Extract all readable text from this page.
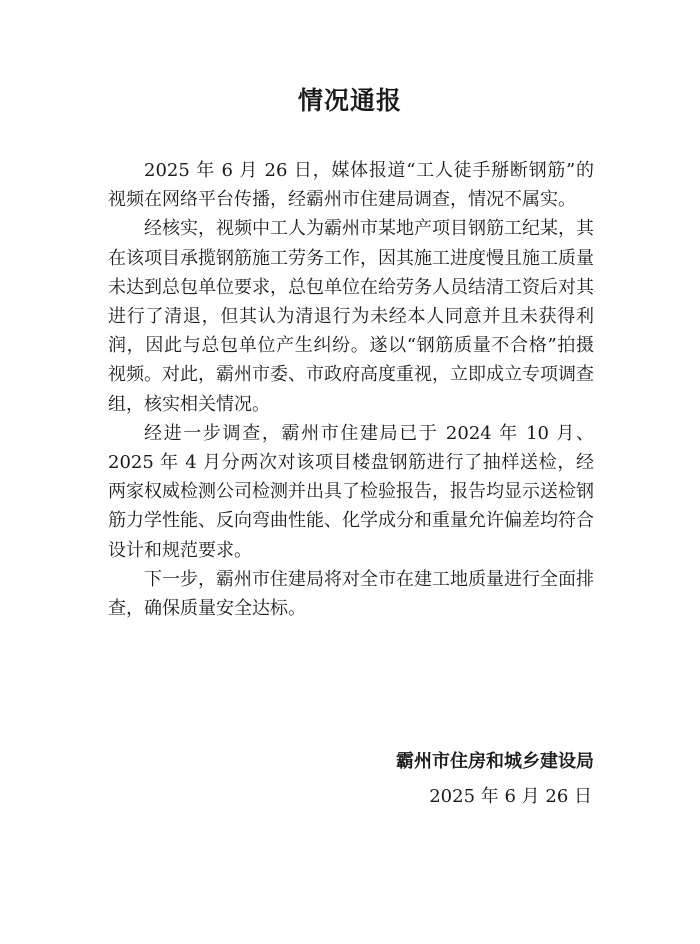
情况通报

2025 年 6 月 26 日，媒体报道“工人徒手掰断钢筋”的视频在网络平台传播，经霸州市住建局调查，情况不属实。

经核实，视频中工人为霸州市某地产项目钢筋工纪某，其在该项目承揽钢筋施工劳务工作，因其施工进度慢且施工质量未达到总包单位要求，总包单位在给劳务人员结清工资后对其进行了清退，但其认为清退行为未经本人同意并且未获得利润，因此与总包单位产生纠纷。遂以“钢筋质量不合格”拍摄视频。对此，霸州市委、市政府高度重视，立即成立专项调查组，核实相关情况。

经进一步调查，霸州市住建局已于 2024 年 10 月、2025 年 4 月分两次对该项目楼盘钢筋进行了抽样送检，经两家权威检测公司检测并出具了检验报告，报告均显示送检钢筋力学性能、反向弯曲性能、化学成分和重量允许偏差均符合设计和规范要求。

下一步，霸州市住建局将对全市在建工地质量进行全面排查，确保质量安全达标。

霸州市住房和城乡建设局
2025 年 6 月 26 日
